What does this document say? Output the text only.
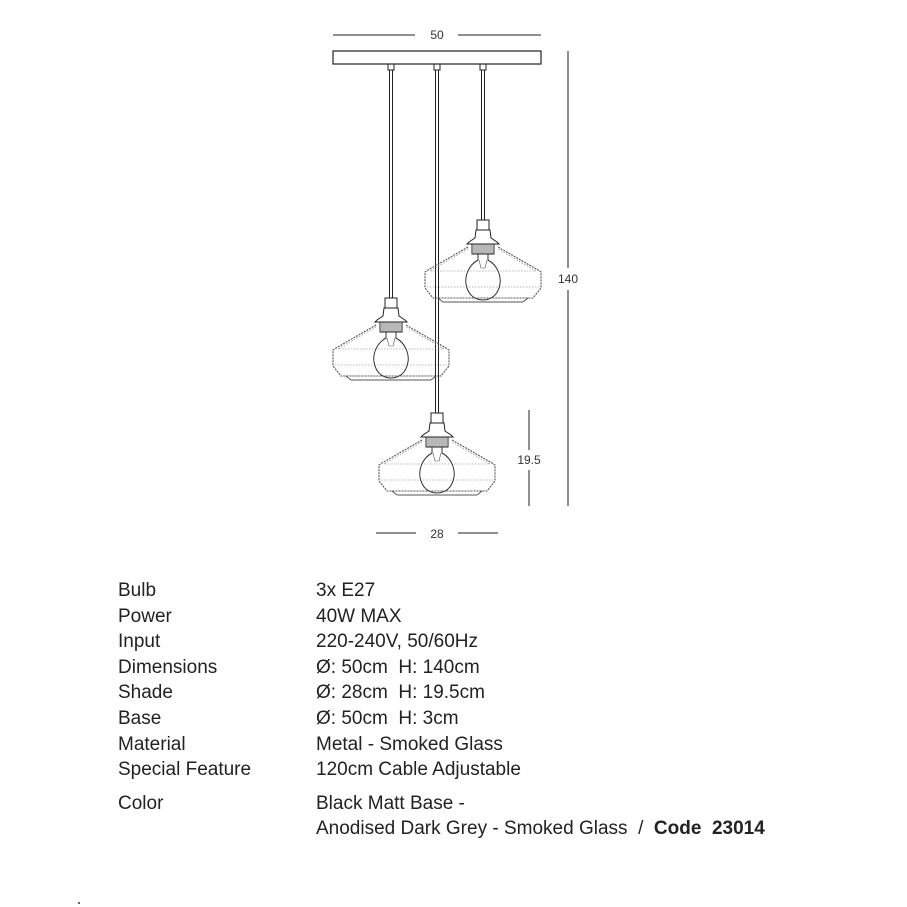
50
140
19.5
28
Bulb	3x E27
Power	40W MAX
Input	220-240V, 50/60Hz
Dimensions	Ø: 50cm  H: 140cm
Shade	Ø: 28cm  H: 19.5cm
Base	Ø: 50cm  H: 3cm
Material	Metal - Smoked Glass
Special Feature	120cm Cable Adjustable
Color	Black Matt Base -
Anodised Dark Grey - Smoked Glass  /  Code  23014
